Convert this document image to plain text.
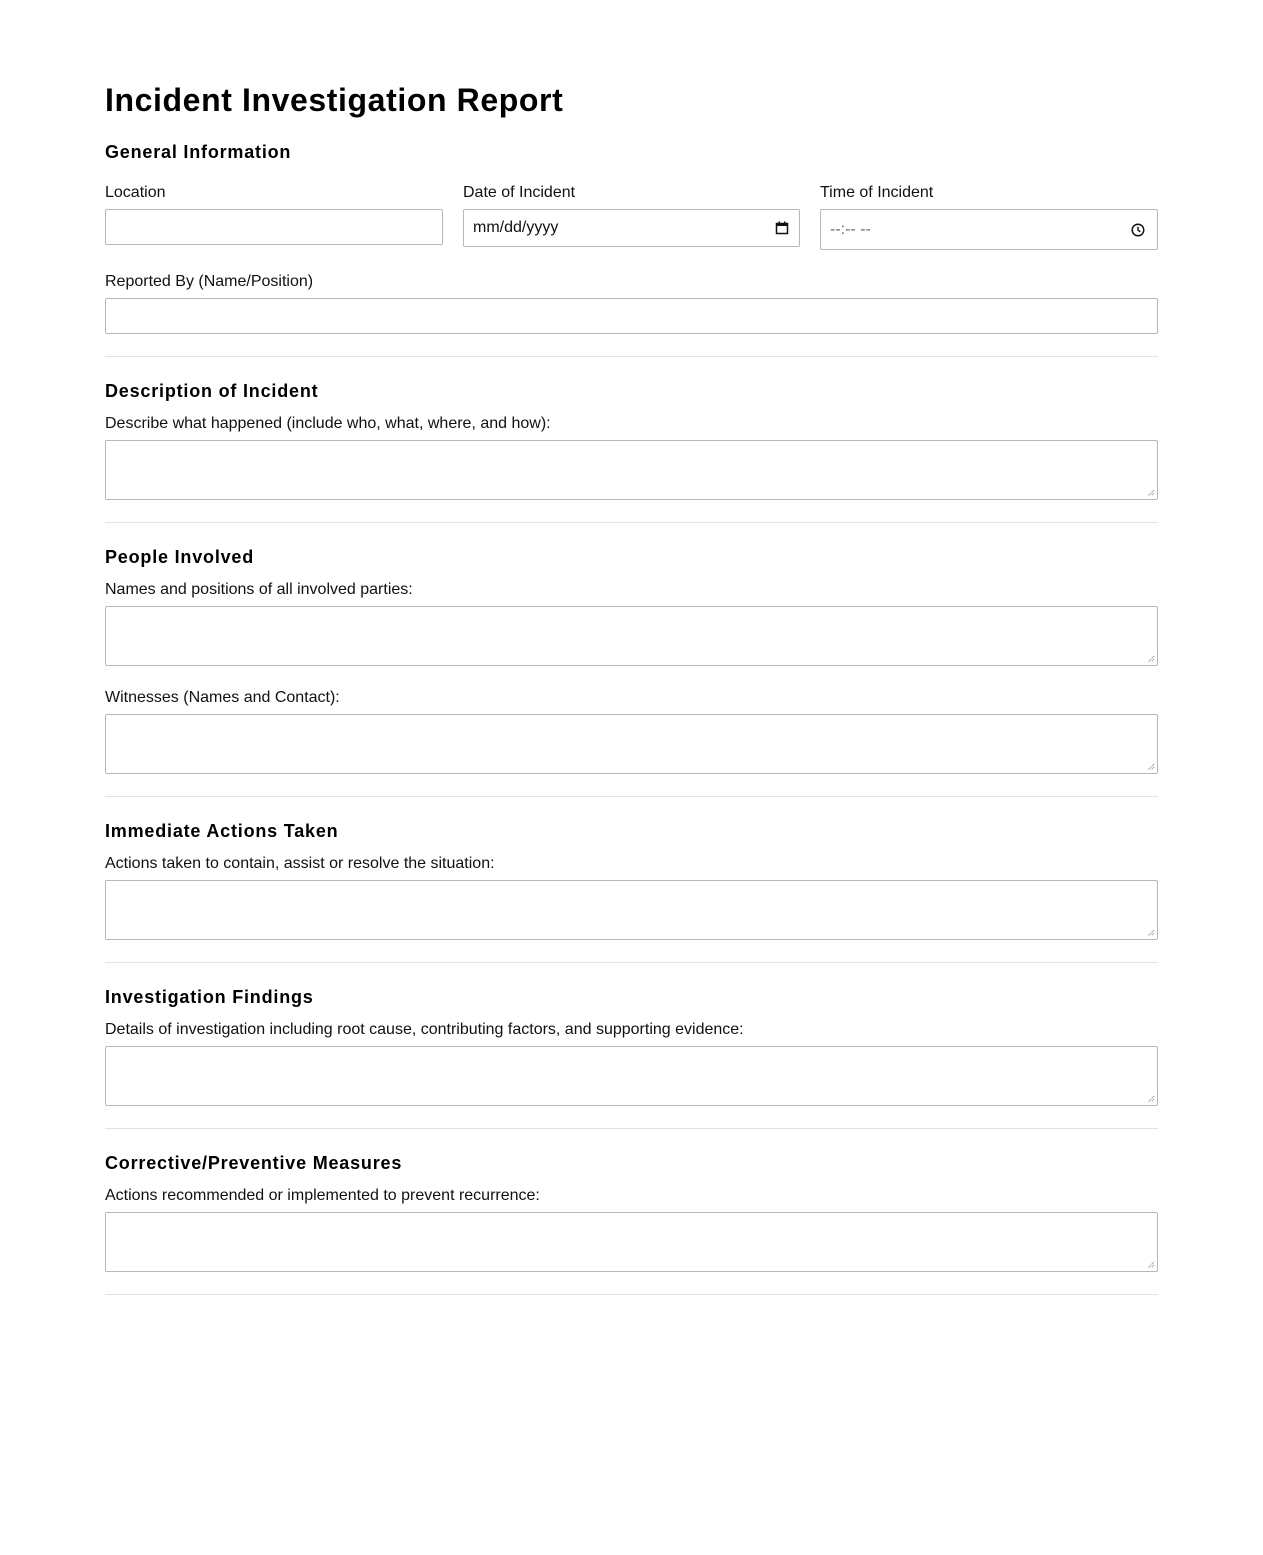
Incident Investigation Report
General Information
Location	Date of Incident
mm/dd/yyyy
Time of Incident
--:-- --
Reported By (Name/Position)
Description of Incident
Describe what happened (include who, what, where, and how):
People Involved
Names and positions of all involved parties:
Witnesses (Names and Contact):
Immediate Actions Taken
Actions taken to contain, assist or resolve the situation:
Investigation Findings
Details of investigation including root cause, contributing factors, and supporting evidence:
Corrective/Preventive Measures
Actions recommended or implemented to prevent recurrence:
